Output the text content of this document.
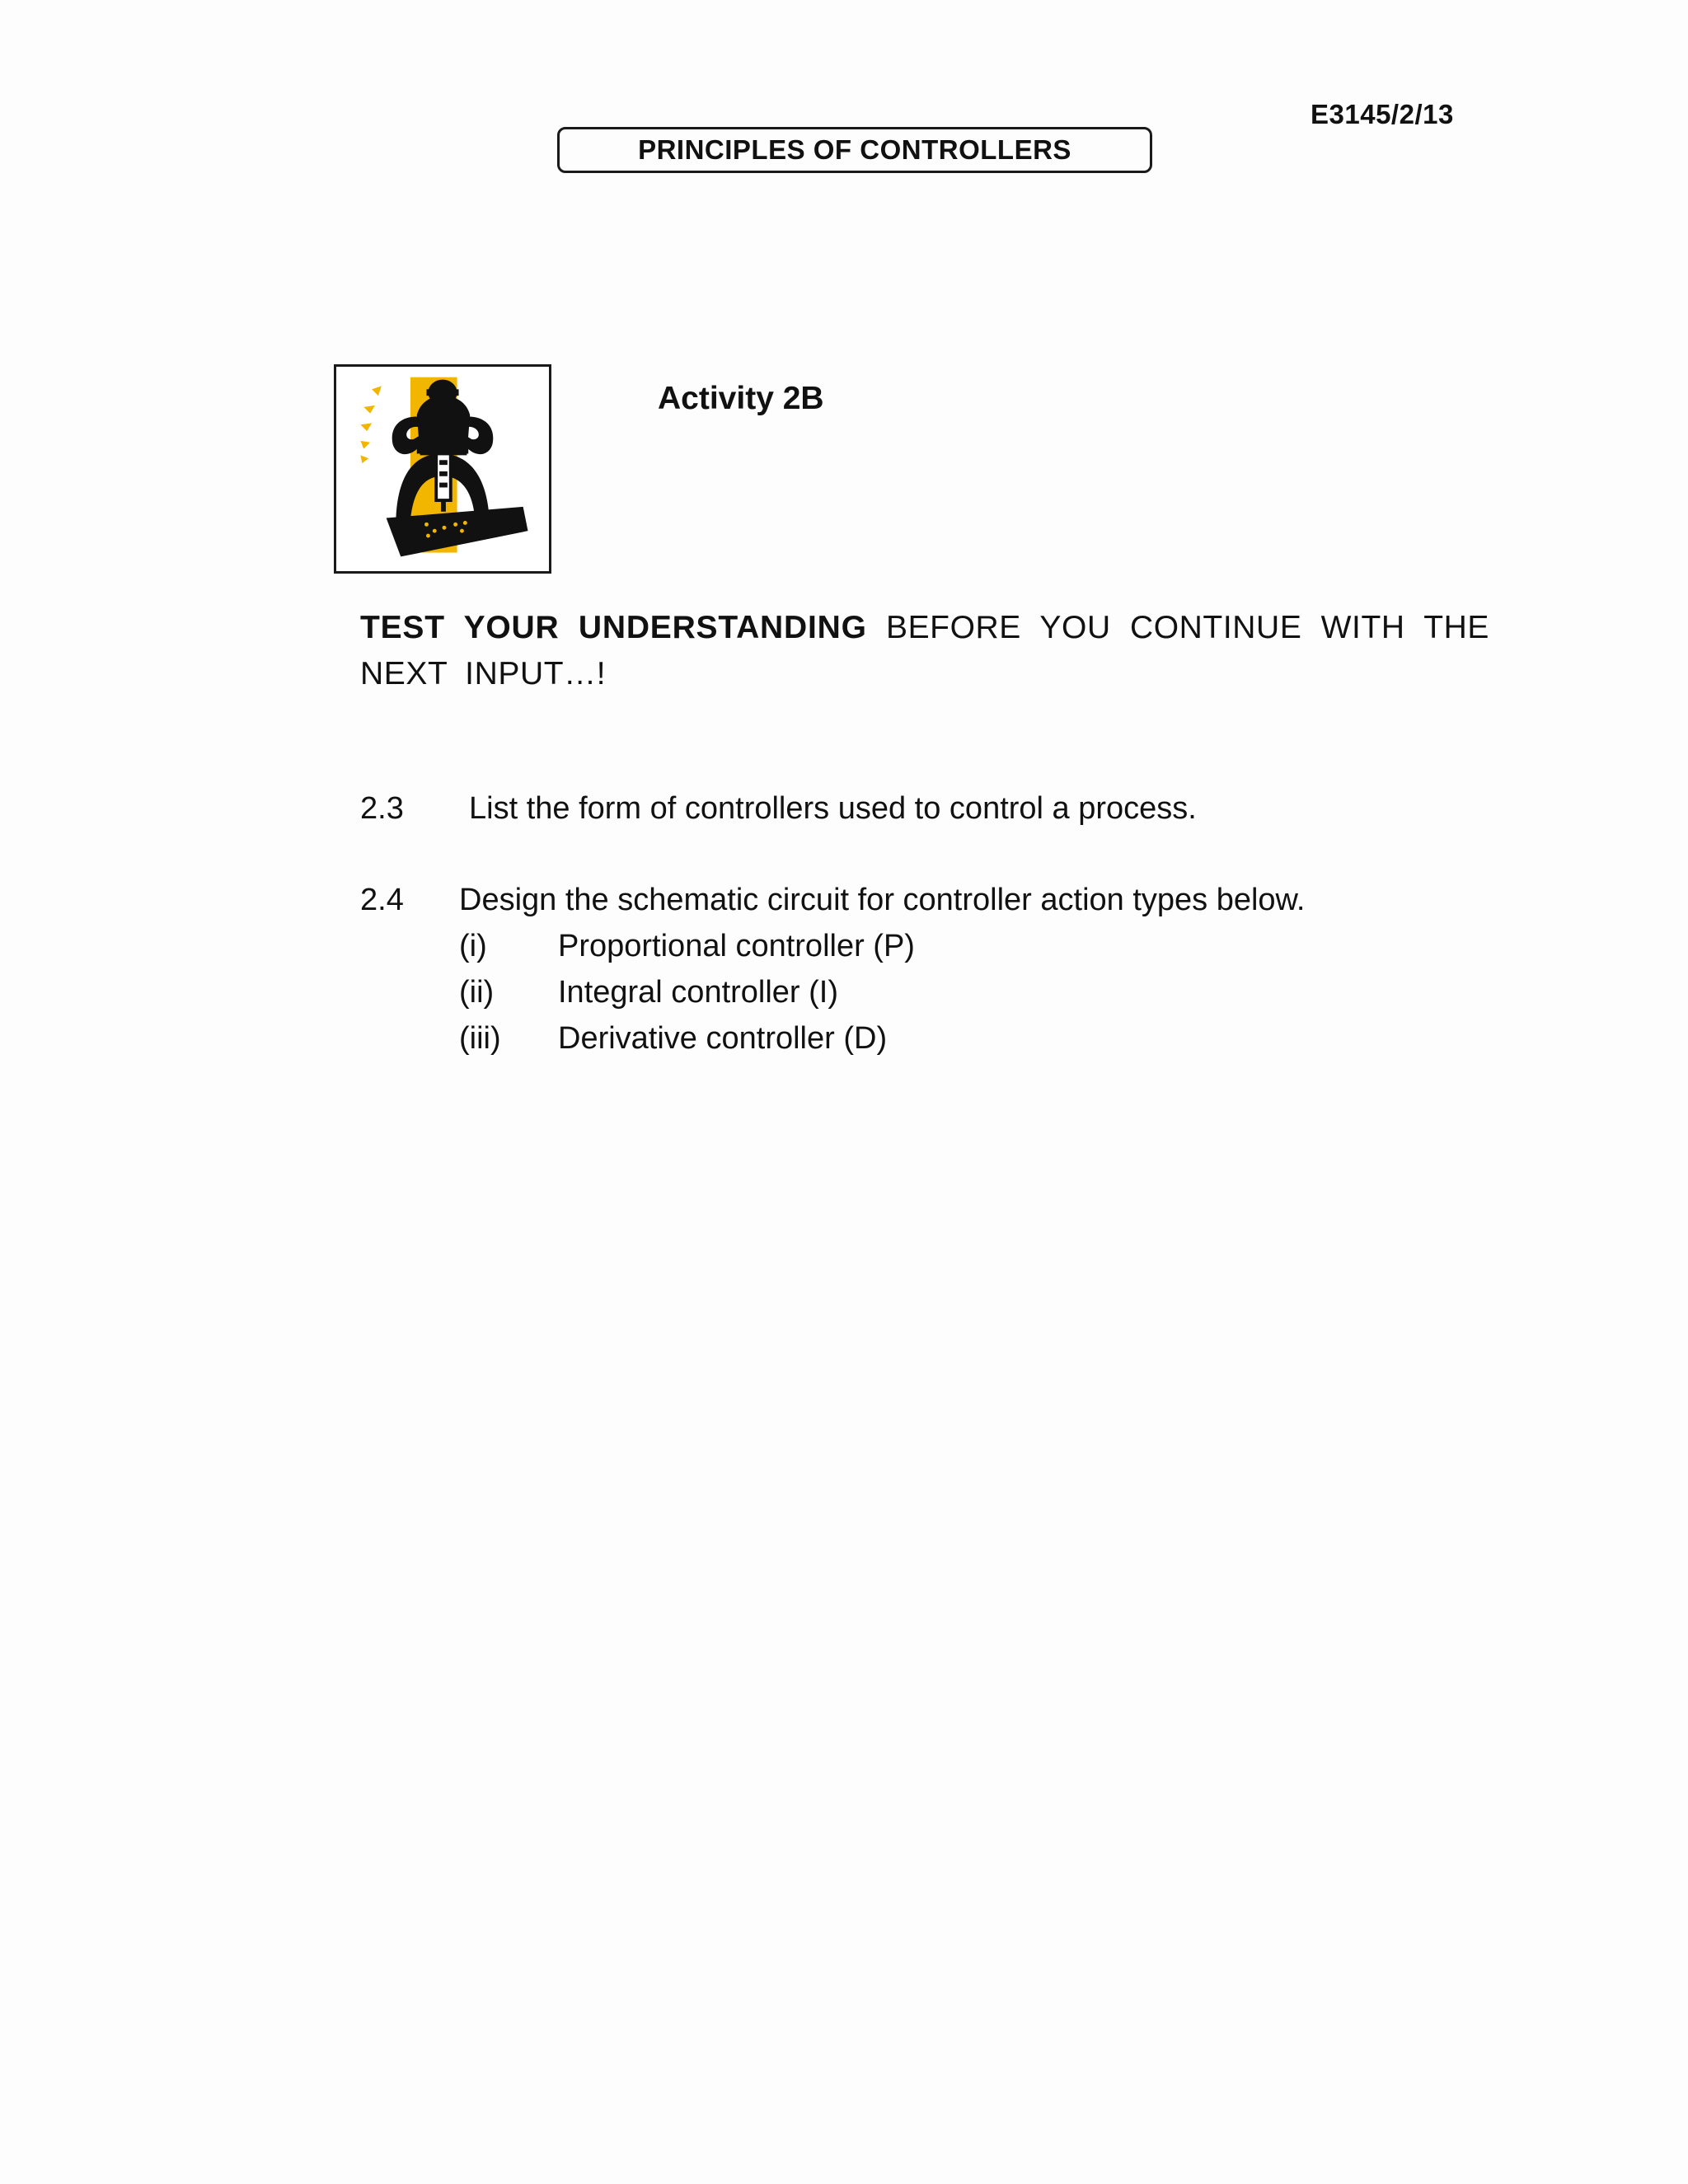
E3145/2/13
PRINCIPLES OF CONTROLLERS
Activity 2B
TEST YOUR UNDERSTANDING BEFORE YOU CONTINUE WITH THE NEXT INPUT…!
2.3 List the form of controllers used to control a process.
2.4 Design the schematic circuit for controller action types below.
(i) Proportional controller (P)
(ii) Integral controller (I)
(iii) Derivative controller (D)
